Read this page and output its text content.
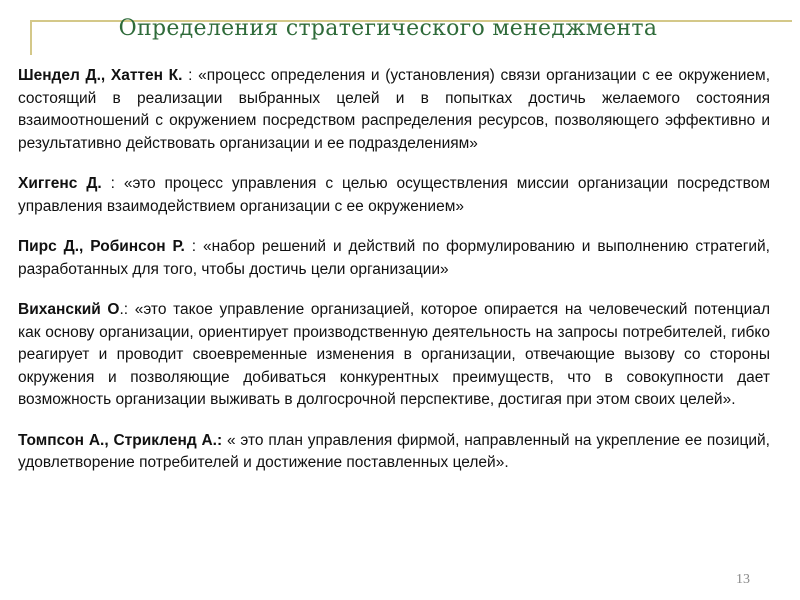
Определения стратегического менеджмента

Шендел Д., Хаттен К. : «процесс определения и (установления) связи организации с ее окружением, состоящий в реализации выбранных целей и в попытках достичь желаемого состояния взаимоотношений с окружением посредством распределения ресурсов, позволяющего эффективно и результативно действовать организации и ее подразделениям»

Хиггенс Д. : «это процесс управления с целью осуществления миссии организации посредством управления взаимодействием организации с ее окружением»

Пирс Д., Робинсон Р. : «набор решений и действий по формулированию и выполнению стратегий, разработанных для того, чтобы достичь цели организации»

Виханский О.: «это такое управление организацией, которое опирается на человеческий потенциал как основу организации, ориентирует производственную деятельность на запросы потребителей, гибко реагирует и проводит своевременные изменения в организации, отвечающие вызову со стороны окружения и позволяющие добиваться конкурентных преимуществ, что в совокупности дает возможность организации выживать в долгосрочной перспективе, достигая при этом своих целей».

Томпсон А., Стрикленд А.: « это план управления фирмой, направленный на укрепление ее позиций, удовлетворение потребителей и достижение поставленных целей».

13
